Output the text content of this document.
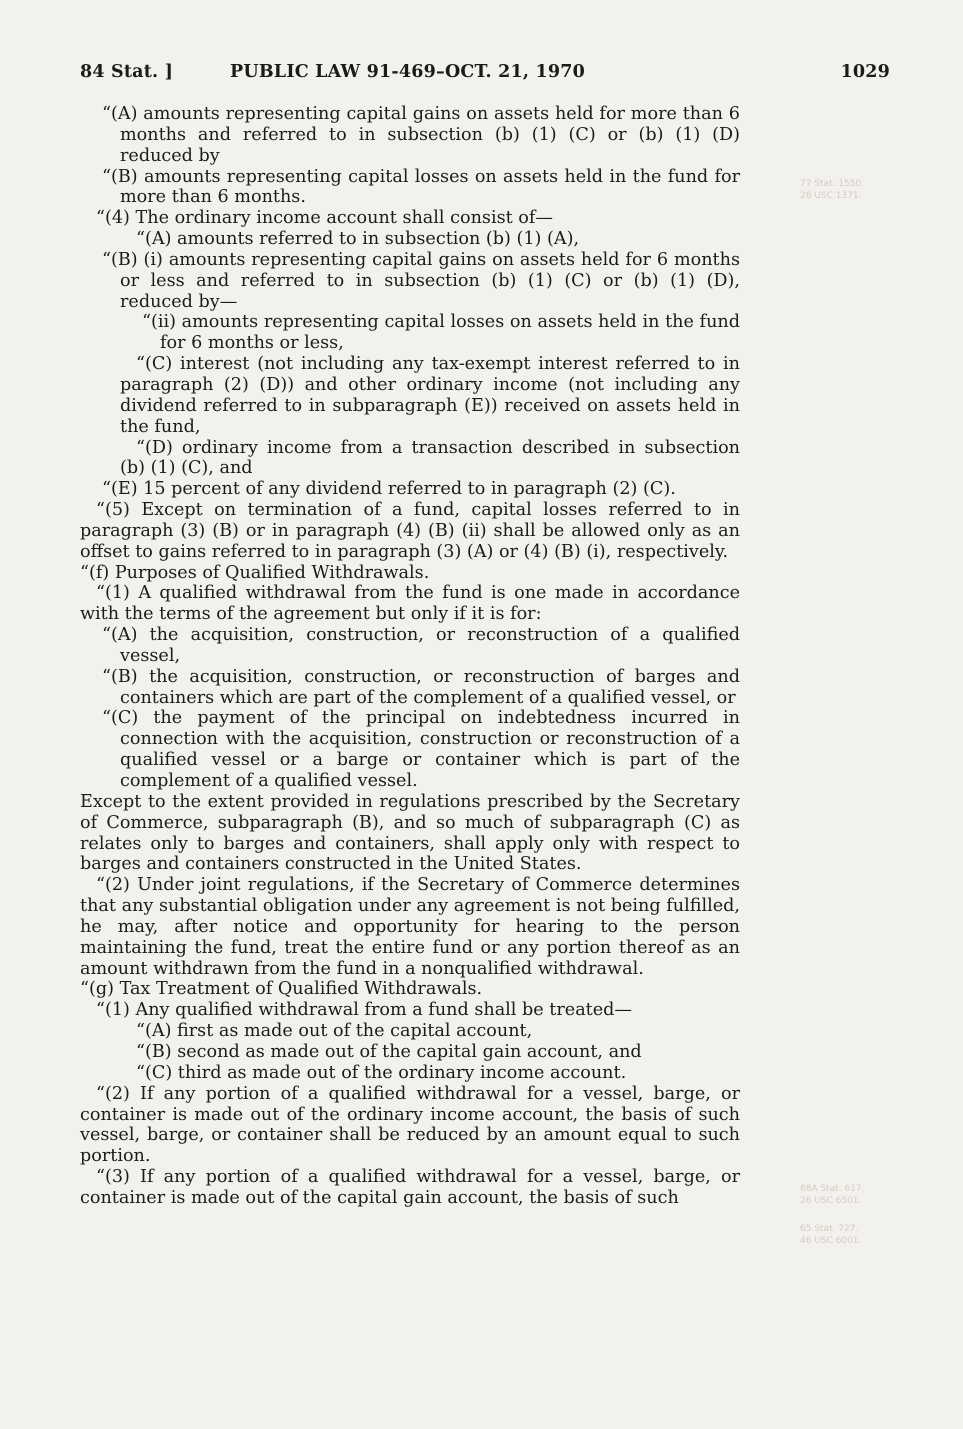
84 Stat. ]	PUBLIC LAW 91-469–OCT. 21, 1970	1029
77 Stat. 1550.
26 USC 1371.
68A Stat. 617.
26 USC 6501.
65 Stat. 727.
46 USC 6001.

“(A) amounts representing capital gains on assets held for more than 6 months and referred to in subsection (b) (1) (C) or (b) (1) (D) reduced by

“(B) amounts representing capital losses on assets held in the fund for more than 6 months.

“(4) The ordinary income account shall consist of—

“(A) amounts referred to in subsection (b) (1) (A),

“(B) (i) amounts representing capital gains on assets held for 6 months or less and referred to in subsection (b) (1) (C) or (b) (1) (D), reduced by—

“(ii) amounts representing capital losses on assets held in the fund for 6 months or less,

“(C) interest (not including any tax-exempt interest referred to in paragraph (2) (D)) and other ordinary income (not including any dividend referred to in subparagraph (E)) received on assets held in the fund,

“(D) ordinary income from a transaction described in subsection (b) (1) (C), and

“(E) 15 percent of any dividend referred to in paragraph (2) (C).

“(5) Except on termination of a fund, capital losses referred to in paragraph (3) (B) or in paragraph (4) (B) (ii) shall be allowed only as an offset to gains referred to in paragraph (3) (A) or (4) (B) (i), respectively.

“(f) Purposes of Qualified Withdrawals.

“(1) A qualified withdrawal from the fund is one made in accordance with the terms of the agreement but only if it is for:

“(A) the acquisition, construction, or reconstruction of a qualified vessel,

“(B) the acquisition, construction, or reconstruction of barges and containers which are part of the complement of a qualified vessel, or

“(C) the payment of the principal on indebtedness incurred in connection with the acquisition, construction or reconstruction of a qualified vessel or a barge or container which is part of the complement of a qualified vessel.

Except to the extent provided in regulations prescribed by the Secretary of Commerce, subparagraph (B), and so much of subparagraph (C) as relates only to barges and containers, shall apply only with respect to barges and containers constructed in the United States.

“(2) Under joint regulations, if the Secretary of Commerce determines that any substantial obligation under any agreement is not being fulfilled, he may, after notice and opportunity for hearing to the person maintaining the fund, treat the entire fund or any portion thereof as an amount withdrawn from the fund in a nonqualified withdrawal.

“(g) Tax Treatment of Qualified Withdrawals.

“(1) Any qualified withdrawal from a fund shall be treated—

“(A) first as made out of the capital account,

“(B) second as made out of the capital gain account, and

“(C) third as made out of the ordinary income account.

“(2) If any portion of a qualified withdrawal for a vessel, barge, or container is made out of the ordinary income account, the basis of such vessel, barge, or container shall be reduced by an amount equal to such portion.

“(3) If any portion of a qualified withdrawal for a vessel, barge, or container is made out of the capital gain account, the basis of such
